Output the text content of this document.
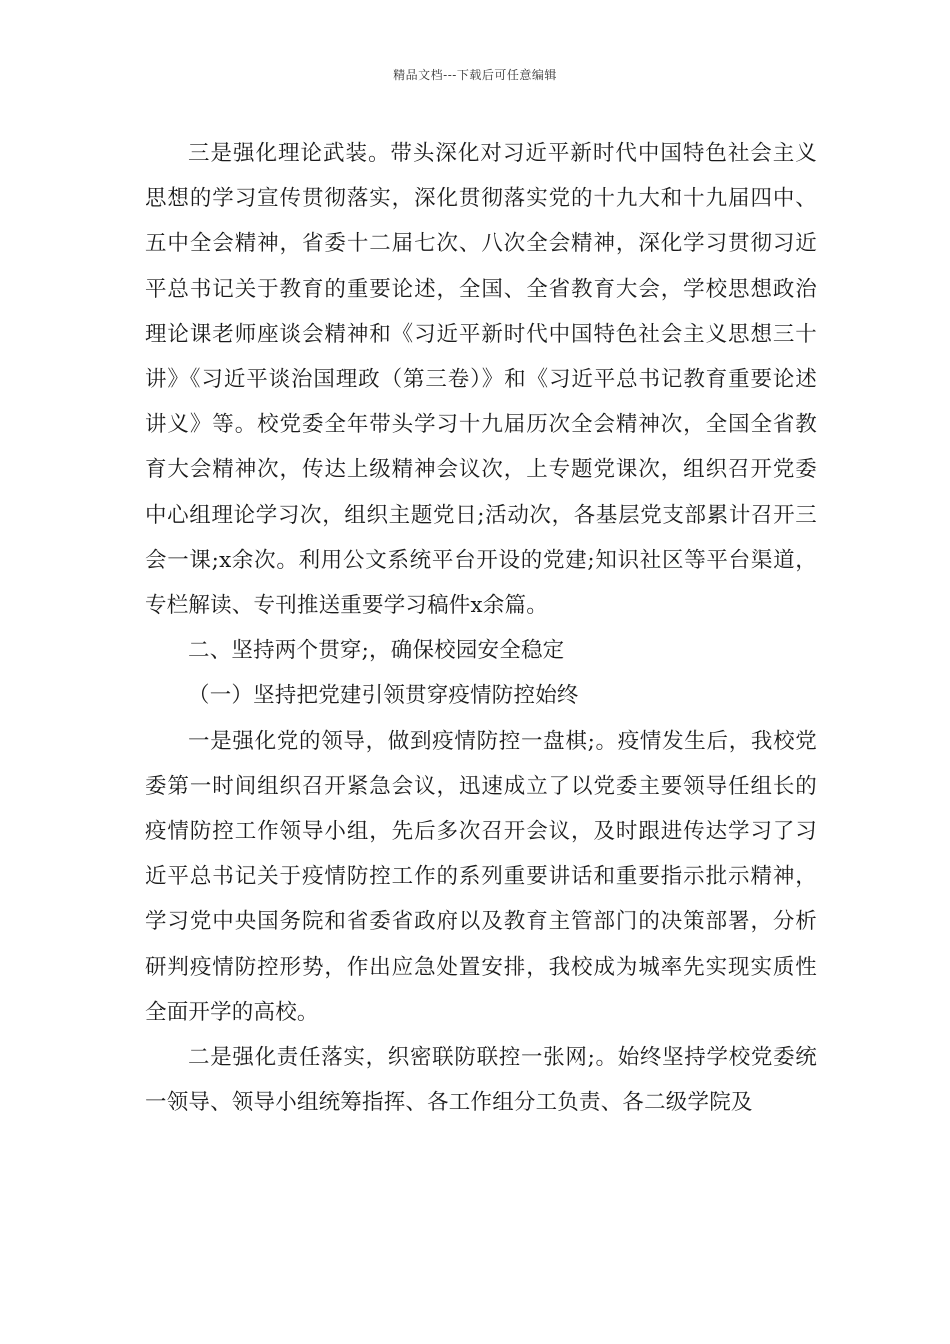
精品文档---下载后可任意编辑

三是强化理论武装。带头深化对习近平新时代中国特色社会主义思想的学习宣传贯彻落实，深化贯彻落实党的十九大和十九届四中、五中全会精神，省委十二届七次、八次全会精神，深化学习贯彻习近平总书记关于教育的重要论述，全国、全省教育大会，学校思想政治理论课老师座谈会精神和《习近平新时代中国特色社会主义思想三十讲》《习近平谈治国理政（第三卷）》和《习近平总书记教育重要论述讲义》等。校党委全年带头学习十九届历次全会精神次，全国全省教育大会精神次，传达上级精神会议次，上专题党课次，组织召开党委中心组理论学习次，组织主题党日;活动次，各基层党支部累计召开三会一课;x余次。利用公文系统平台开设的党建;知识社区等平台渠道，专栏解读、专刊推送重要学习稿件x余篇。

二、坚持两个贯穿;，确保校园安全稳定

（一）坚持把党建引领贯穿疫情防控始终

一是强化党的领导，做到疫情防控一盘棋;。疫情发生后，我校党委第一时间组织召开紧急会议，迅速成立了以党委主要领导任组长的疫情防控工作领导小组，先后多次召开会议，及时跟进传达学习了习近平总书记关于疫情防控工作的系列重要讲话和重要指示批示精神，学习党中央国务院和省委省政府以及教育主管部门的决策部署，分析研判疫情防控形势，作出应急处置安排，我校成为城率先实现实质性全面开学的高校。

二是强化责任落实，织密联防联控一张网;。始终坚持学校党委统一领导、领导小组统筹指挥、各工作组分工负责、各二级学院及
